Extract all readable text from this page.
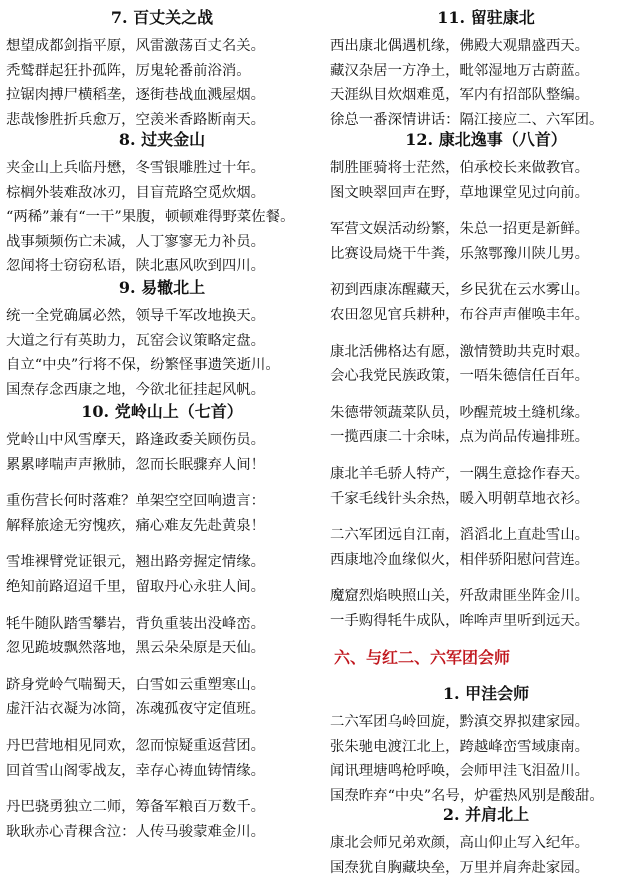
7. 百丈关之战
想望成都剑指平原，风雷激荡百丈名关。
秃鹫群起狂扑孤阵，厉鬼轮番前浴消。
拉锯肉搏尸横稻垄，逐街巷战血溅屋烟。
悲哉惨胜折兵愈万，空羡米香路断南天。
8. 过夹金山
夹金山上兵临丹懋，冬雪银雕胜过十年。
棕榈外装难敌冰刃，目盲荒路空觅炊烟。
“两稀”兼有“一干”果腹，顿顿难得野菜佐餐。
战事频频伤亡未减，人丁寥寥无力补员。
忽闻将士窃窃私语，陕北惠风吹到四川。
9. 易辙北上
统一全党确属必然，领导千军改地换天。
大道之行有英助力，瓦窑会议策略定盘。
自立“中央”行将不保，纷繁怪事遗笑逝川。
国焘存念西康之地，今欲北征挂起风帆。
10. 党岭山上（七首）
党岭山中风雪摩天，路逢政委关顾伤员。
累累哮喘声声揪肺，忽而长眠骤弃人间！
重伤营长何时落难？单架空空回响遗言：
解释旅途无穷愧疚，痛心难友先赴黄泉！
雪堆裸臂党证银元，翘出路旁握定情缘。
绝知前路迢迢千里，留取丹心永驻人间。
牦牛随队踏雪攀岩，背负重装出没峰峦。
忽见跪坡飘然落地，黑云朵朵原是天仙。
跻身党岭气喘蜀天，白雪如云重塑寒山。
虚汗沾衣凝为冰筒，冻魂孤夜守定值班。
丹巴营地相见同欢，忽而惊疑重返营团。
回首雪山阁零战友，幸存心祷血铸情缘。
丹巴骁勇独立二师，筹备军粮百万数千。
耿耿赤心青稞含泣：人传马骏蒙难金川。
11. 留驻康北
西出康北偶遇机缘，佛殿大观鼎盛西天。
藏汉杂居一方净土，毗邻湿地万古蔚蓝。
天涯纵目炊烟难觅，军内有招部队整编。
徐总一番深情讲话：隔江接应二、六军团。
12. 康北逸事（八首）
制胜匪骑将士茫然，伯承校长来做教官。
图文映翠回声在野，草地课堂见过向前。
军营文娱活动纷繁，朱总一招更是新鲜。
比赛设局烧干牛粪，乐煞鄂豫川陕儿男。
初到西康冻醒藏天，乡民犹在云水雾山。
农田忽见官兵耕种，布谷声声催唤丰年。
康北活佛格达有愿，激情赞助共克时艰。
会心我党民族政策，一唔朱德信任百年。
朱德带领蔬菜队员，吵醒荒坡土缝机缘。
一揽西康二十余味，点为尚品传遍排班。
康北羊毛骄人特产，一隅生意捻作春天。
千家毛线针头余热，暖入明朝草地衣衫。
二六军团远自江南，滔滔北上直赴雪山。
西康地冷血缘似火，相伴骄阳慰问营连。
魔窟烈焰映照山关，歼敌肃匪坐阵金川。
一手购得牦牛成队，哞哞声里听到远天。
六、与红二、六军团会师
1. 甲洼会师
二六军团乌岭回旋，黔滇交界拟建家园。
张朱驰电渡江北上，跨越峰峦雪域康南。
闻讯理塘鸣枪呼唤，会师甲洼飞泪盈川。
国焘昨弃“中央”名号，炉霍热风别是酸甜。
2. 并肩北上
康北会师兄弟欢颜，高山仰止写入纪年。
国焘犹自胸藏块垒，万里并肩奔赴家园。
